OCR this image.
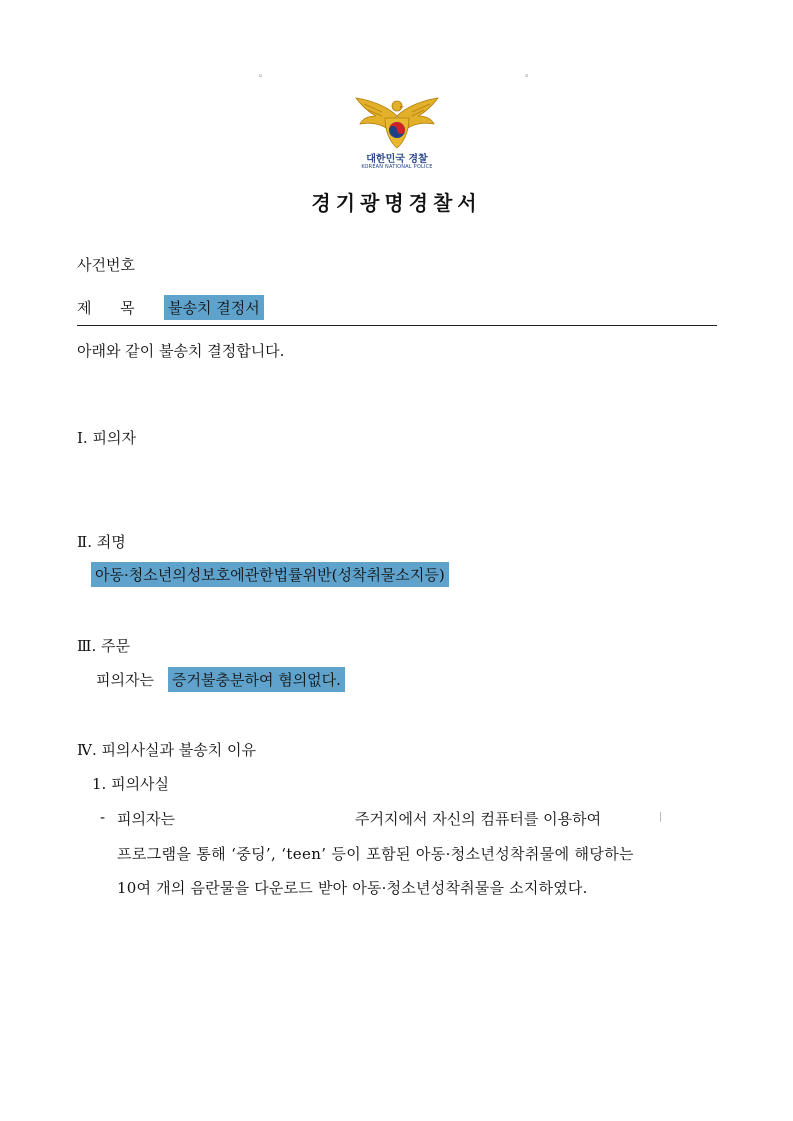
。	。
대한민국 경찰
KOREAN NATIONAL POLICE
경기광명경찰서
사건번호
제      목 불송치 결정서
아래와 같이 불송치 결정합니다.
Ⅰ. 피의자
Ⅱ. 죄명
아동·청소년의성보호에관한법률위반(성착취물소지등)
Ⅲ. 주문
피의자는 증거불충분하여 혐의없다.
Ⅳ. 피의사실과 불송치 이유
1. 피의사실
- 피의자는	주거지에서 자신의 컴퓨터를 이용하여
프로그램을 통해 ‘중딩’, ‘teen’ 등이 포함된 아동·청소년성착취물에 해당하는
10여 개의 음란물을 다운로드 받아 아동·청소년성착취물을 소지하였다.
